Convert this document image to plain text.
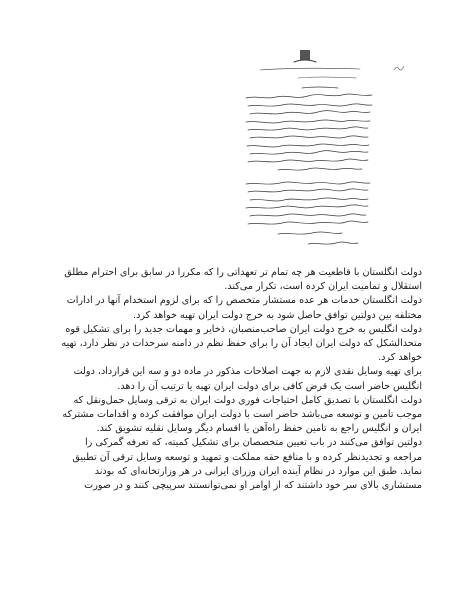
دولت انگلستان با قاطعیت هر چه تمام تر تعهداتی را که مکررا در سابق برای احترام مطلق استقلال و تمامیت ایران کرده است، تکرار می‌کند.

دولت انگلستان خدمات هر عده مستشار متخصص را که برای لزوم استخدام آنها در ادارات مختلفه بین دولتین توافق حاصل شود به خرج دولت ایران تهیه خواهد کرد.

دولت انگلیس به خرج دولت ایران صاحب‌منصبان، ذخایر و مهمات جدید را برای تشکیل قوه متحدالشکل که دولت ایران ایجاد آن را برای حفظ نظم در دامنه سرحدات در نظر دارد، تهیه خواهد کرد.

برای تهیه وسایل نقدی لازم به جهت اصلاحات مذکور در ماده دو و سه این قرارداد، دولت انگلیس حاضر است یک قرض کافی برای دولت ایران تهیه یا ترتیب آن را دهد.

دولت انگلستان با تصدیق کامل احتیاجات فوری دولت ایران به ترقی وسایل حمل‌ونقل که موجب تامین و توسعه می‌باشد حاضر است با دولت ایران موافقت کرده و اقدامات مشترکه ایران و انگلیس راجع به تامین حفظ راه‌آهن یا اقسام دیگر وسایل نقلیه تشویق کند.

دولتین توافق می‌کنند در باب تعیین متخصصان برای تشکیل کمیته، که تعرفه گمرکی را مراجعه و تجدیدنظر کرده و با منافع حقه مملکت و تمهید و توسعه وسایل ترقی آن تطبیق نماید. طبق این موارد در نظام آینده ایران وزرای ایرانی در هر وزارتخانه‌ای که بودند مستشاری بالای سر خود داشتند که از اوامر او نمی‌توانستند سرپیچی کنند و در صورت
